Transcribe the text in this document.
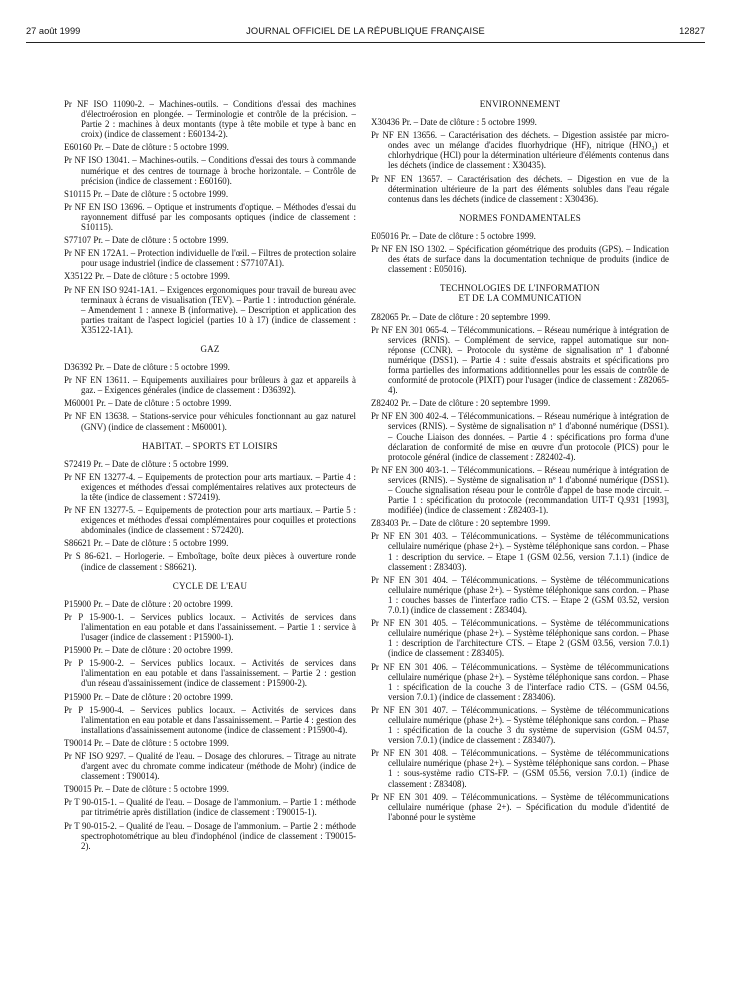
27 août 1999	JOURNAL OFFICIEL DE LA RÉPUBLIQUE FRANÇAISE	12827
Pr NF ISO 11090-2. – Machines-outils. – Conditions d'essai des machines d'électroérosion en plongée. – Terminologie et contrôle de la précision. – Partie 2 : machines à deux montants (type à tête mobile et type à banc en croix) (indice de classement : E60134-2).
E60160 Pr. – Date de clôture : 5 octobre 1999.
Pr NF ISO 13041. – Machines-outils. – Conditions d'essai des tours à commande numérique et des centres de tournage à broche horizontale. – Contrôle de précision (indice de classement : E60160).
S10115 Pr. – Date de clôture : 5 octobre 1999.
Pr NF EN ISO 13696. – Optique et instruments d'optique. – Méthodes d'essai du rayonnement diffusé par les composants optiques (indice de classement : S10115).
S77107 Pr. – Date de clôture : 5 octobre 1999.
Pr NF EN 172A1. – Protection individuelle de l'œil. – Filtres de protection solaire pour usage industriel (indice de classement : S77107A1).
X35122 Pr. – Date de clôture : 5 octobre 1999.
Pr NF EN ISO 9241-1A1. – Exigences ergonomiques pour travail de bureau avec terminaux à écrans de visualisation (TEV). – Partie 1 : introduction générale. – Amendement 1 : annexe B (informative). – Description et application des parties traitant de l'aspect logiciel (parties 10 à 17) (indice de classement : X35122-1A1).
GAZ
D36392 Pr. – Date de clôture : 5 octobre 1999.
Pr NF EN 13611. – Equipements auxiliaires pour brûleurs à gaz et appareils à gaz. – Exigences générales (indice de classement : D36392).
M60001 Pr. – Date de clôture : 5 octobre 1999.
Pr NF EN 13638. – Stations-service pour véhicules fonctionnant au gaz naturel (GNV) (indice de classement : M60001).
HABITAT. – SPORTS ET LOISIRS
S72419 Pr. – Date de clôture : 5 octobre 1999.
Pr NF EN 13277-4. – Equipements de protection pour arts martiaux. – Partie 4 : exigences et méthodes d'essai complémentaires relatives aux protecteurs de la tête (indice de classement : S72419).
Pr NF EN 13277-5. – Equipements de protection pour arts martiaux. – Partie 5 : exigences et méthodes d'essai complémentaires pour coquilles et protections abdominales (indice de classement : S72420).
S86621 Pr. – Date de clôture : 5 octobre 1999.
Pr S 86-621. – Horlogerie. – Emboîtage, boîte deux pièces à ouverture ronde (indice de classement : S86621).
CYCLE DE L'EAU
P15900 Pr. – Date de clôture : 20 octobre 1999.
Pr P 15-900-1. – Services publics locaux. – Activités de services dans l'alimentation en eau potable et dans l'assainissement. – Partie 1 : service à l'usager (indice de classement : P15900-1).
P15900 Pr. – Date de clôture : 20 octobre 1999.
Pr P 15-900-2. – Services publics locaux. – Activités de services dans l'alimentation en eau potable et dans l'assainissement. – Partie 2 : gestion d'un réseau d'assainissement (indice de classement : P15900-2).
P15900 Pr. – Date de clôture : 20 octobre 1999.
Pr P 15-900-4. – Services publics locaux. – Activités de services dans l'alimentation en eau potable et dans l'assainissement. – Partie 4 : gestion des installations d'assainissement autonome (indice de classement : P15900-4).
T90014 Pr. – Date de clôture : 5 octobre 1999.
Pr NF ISO 9297. – Qualité de l'eau. – Dosage des chlorures. – Titrage au nitrate d'argent avec du chromate comme indicateur (méthode de Mohr) (indice de classement : T90014).
T90015 Pr. – Date de clôture : 5 octobre 1999.
Pr T 90-015-1. – Qualité de l'eau. – Dosage de l'ammonium. – Partie 1 : méthode par titrimétrie après distillation (indice de classement : T90015-1).
Pr T 90-015-2. – Qualité de l'eau. – Dosage de l'ammonium. – Partie 2 : méthode spectrophotométrique au bleu d'indophénol (indice de classement : T90015-2).
ENVIRONNEMENT
X30436 Pr. – Date de clôture : 5 octobre 1999.
Pr NF EN 13656. – Caractérisation des déchets. – Digestion assistée par micro-ondes avec un mélange d'acides fluorhydrique (HF), nitrique (HNO₃) et chlorhydrique (HCl) pour la détermination ultérieure d'éléments contenus dans les déchets (indice de classement : X30435).
Pr NF EN 13657. – Caractérisation des déchets. – Digestion en vue de la détermination ultérieure de la part des éléments solubles dans l'eau régale contenus dans les déchets (indice de classement : X30436).
NORMES FONDAMENTALES
E05016 Pr. – Date de clôture : 5 octobre 1999.
Pr NF EN ISO 1302. – Spécification géométrique des produits (GPS). – Indication des états de surface dans la documentation technique de produits (indice de classement : E05016).
TECHNOLOGIES DE L'INFORMATION
ET DE LA COMMUNICATION
Z82065 Pr. – Date de clôture : 20 septembre 1999.
Pr NF EN 301 065-4. – Télécommunications. – Réseau numérique à intégration de services (RNIS). – Complément de service, rappel automatique sur non-réponse (CCNR). – Protocole du système de signalisation nº 1 d'abonné numérique (DSS1). – Partie 4 : suite d'essais abstraits et spécifications pro forma partielles des informations additionnelles pour les essais de contrôle de conformité de protocole (PIXIT) pour l'usager (indice de classement : Z82065-4).
Z82402 Pr. – Date de clôture : 20 septembre 1999.
Pr NF EN 300 402-4. – Télécommunications. – Réseau numérique à intégration de services (RNIS). – Système de signalisation nº 1 d'abonné numérique (DSS1). – Couche Liaison des données. – Partie 4 : spécifications pro forma d'une déclaration de conformité de mise en œuvre d'un protocole (PICS) pour le protocole général (indice de classement : Z82402-4).
Pr NF EN 300 403-1. – Télécommunications. – Réseau numérique à intégration de services (RNIS). – Système de signalisation nº 1 d'abonné numérique (DSS1). – Couche signalisation réseau pour le contrôle d'appel de base mode circuit. – Partie 1 : spécification du protocole (recommandation UIT-T Q.931 [1993], modifiée) (indice de classement : Z82403-1).
Z83403 Pr. – Date de clôture : 20 septembre 1999.
Pr NF EN 301 403. – Télécommunications. – Système de télécommunications cellulaire numérique (phase 2+). – Système téléphonique sans cordon. – Phase 1 : description du service. – Etape 1 (GSM 02.56, version 7.1.1) (indice de classement : Z83403).
Pr NF EN 301 404. – Télécommunications. – Système de télécommunications cellulaire numérique (phase 2+). – Système téléphonique sans cordon. – Phase 1 : couches basses de l'interface radio CTS. – Etape 2 (GSM 03.52, version 7.0.1) (indice de classement : Z83404).
Pr NF EN 301 405. – Télécommunications. – Système de télécommunications cellulaire numérique (phase 2+). – Système téléphonique sans cordon. – Phase 1 : description de l'architecture CTS. – Etape 2 (GSM 03.56, version 7.0.1) (indice de classement : Z83405).
Pr NF EN 301 406. – Télécommunications. – Système de télécommunications cellulaire numérique (phase 2+). – Système téléphonique sans cordon. – Phase 1 : spécification de la couche 3 de l'interface radio CTS. – (GSM 04.56, version 7.0.1) (indice de classement : Z83406).
Pr NF EN 301 407. – Télécommunications. – Système de télécommunications cellulaire numérique (phase 2+). – Système téléphonique sans cordon. – Phase 1 : spécification de la couche 3 du système de supervision (GSM 04.57, version 7.0.1) (indice de classement : Z83407).
Pr NF EN 301 408. – Télécommunications. – Système de télécommunications cellulaire numérique (phase 2+). – Système téléphonique sans cordon. – Phase 1 : sous-système radio CTS-FP. – (GSM 05.56, version 7.0.1) (indice de classement : Z83408).
Pr NF EN 301 409. – Télécommunications. – Système de télécommunications cellulaire numérique (phase 2+). – Spécification du module d'identité de l'abonné pour le système
